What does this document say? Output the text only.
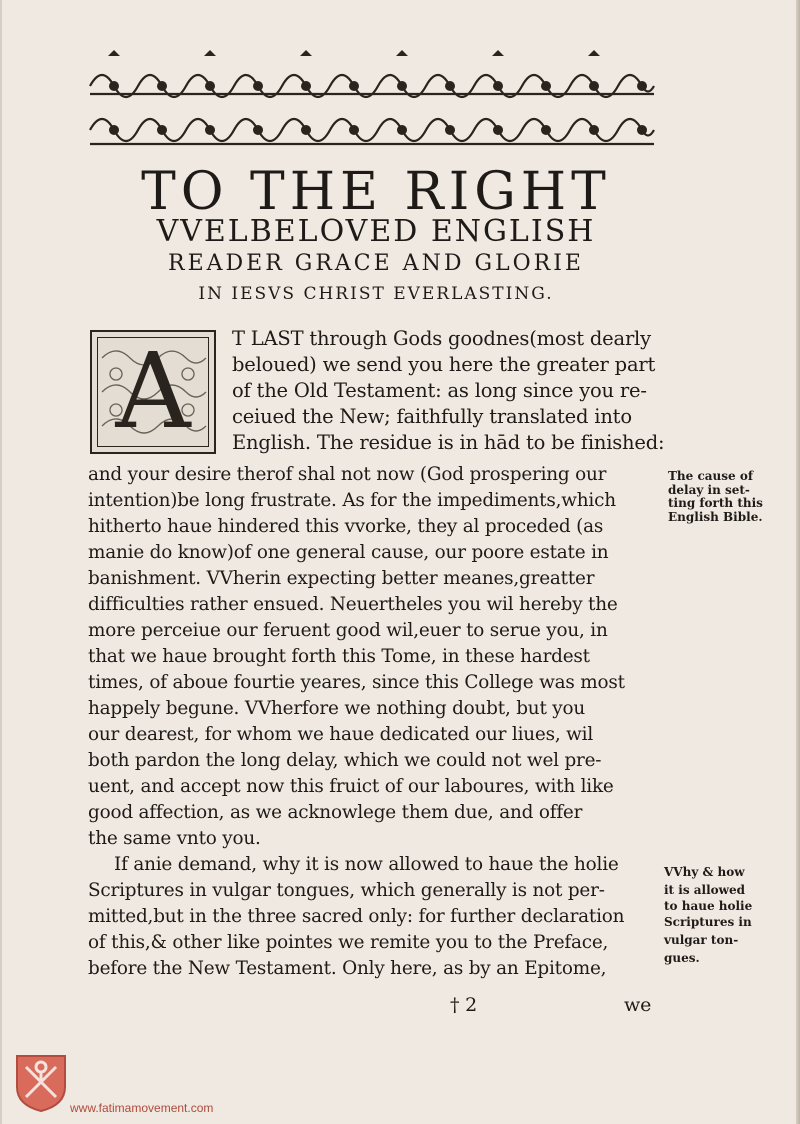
TO THE RIGHT
VVELBELOVED ENGLISH
READER GRACE AND GLORIE
IN IESVS CHRIST EVERLASTING.
A	T LAST through Gods goodnes(most dearly
beloued) we send you here the greater part
of the Old Testament: as long since you re-
ceiued the New; faithfully translated into
English. The residue is in hād to be finished:
and your desire therof shal not now (God prospering our
intention)be long frustrate. As for the impediments,which
hitherto haue hindered this vvorke, they al proceded (as
manie do know)of one general cause, our poore estate in
banishment. VVherin expecting better meanes,greatter
difficulties rather ensued. Neuertheles you wil hereby the
more perceiue our feruent good wil,euer to serue you, in
that we haue brought forth this Tome, in these hardest
times, of aboue fourtie yeares, since this College was most
happely begune. VVherfore we nothing doubt, but you
our dearest, for whom we haue dedicated our liues, wil
both pardon the long delay, which we could not wel pre-
uent, and accept now this fruict of our laboures, with like
good affection, as we acknowlege them due, and offer
the same vnto you.
If anie demand, why it is now allowed to haue the holie
Scriptures in vulgar tongues, which generally is not per-
mitted,but in the three sacred only: for further declaration
of this,& other like pointes we remite you to the Preface,
before the New Testament. Only here, as by an Epitome,
The cause of
delay in set-
ting forth this
English Bible.
VVhy & how
it is allowed
to haue holie
Scriptures in
vulgar ton-
gues.
† 2	we
www.fatimamovement.com
